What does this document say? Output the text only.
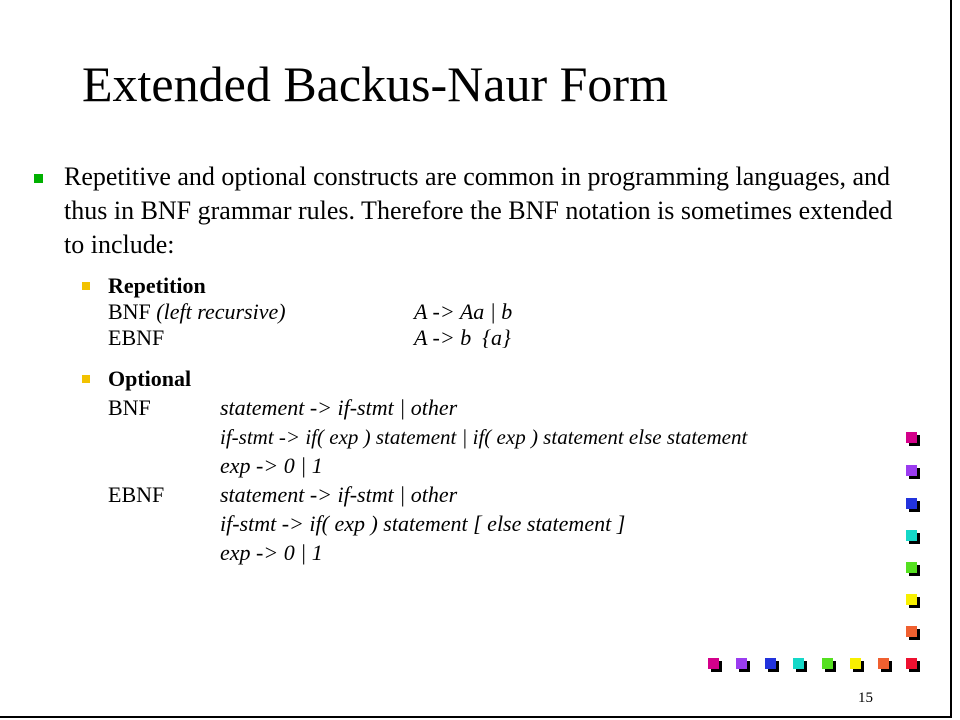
Extended Backus-Naur Form
Repetitive and optional constructs are common in programming languages, and thus in BNF grammar rules. Therefore the BNF notation is sometimes extended to include:
Repetition
BNF (left recursive)	A -> Aa | b
EBNF	A -> b  {a}
Optional
BNF	statement -> if-stmt | other
if-stmt -> if( exp ) statement | if( exp ) statement else statement
exp -> 0 | 1
EBNF	statement -> if-stmt | other
if-stmt -> if( exp ) statement [ else statement ]
exp -> 0 | 1
15
